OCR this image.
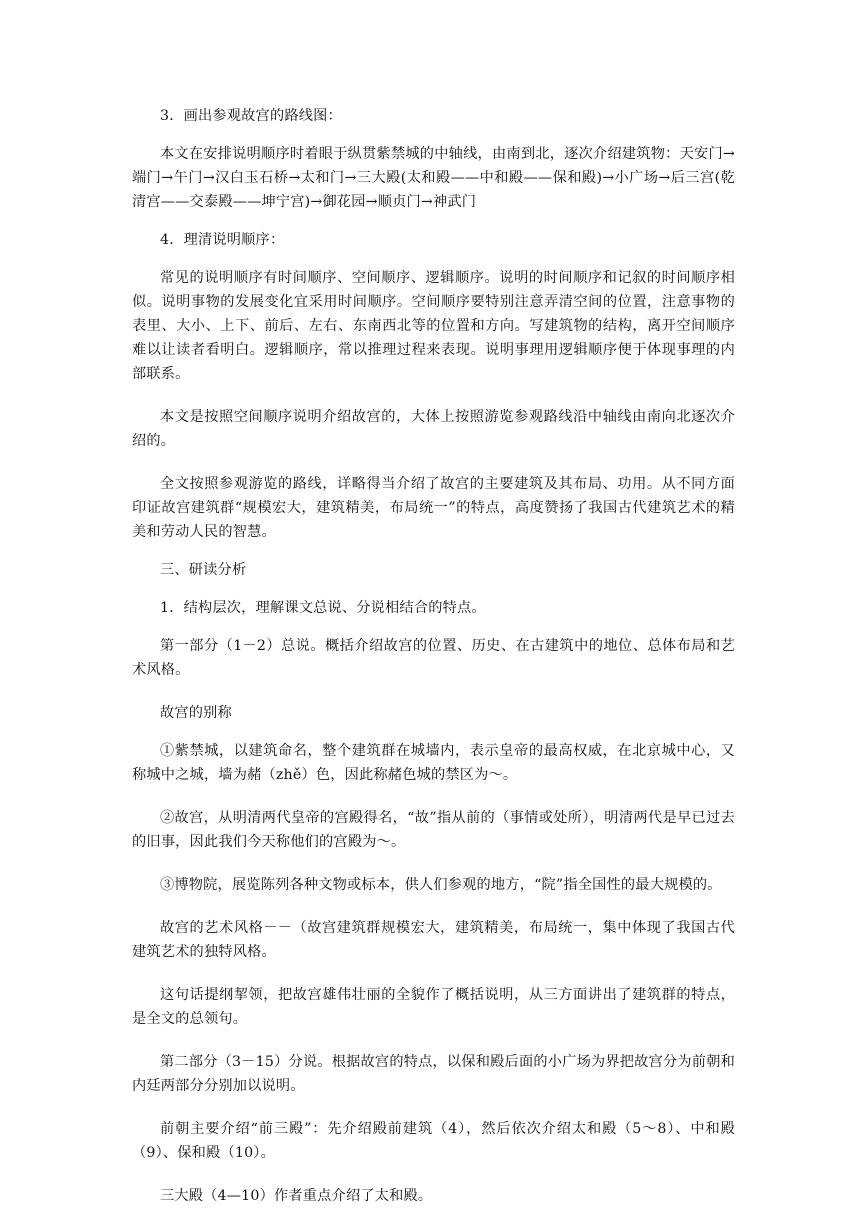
3．画出参观故宫的路线图：

本文在安排说明顺序时着眼于纵贯紫禁城的中轴线，由南到北，逐次介绍建筑物：天安门→端门→午门→汉白玉石桥→太和门→三大殿(太和殿——中和殿——保和殿)→小广场→后三宫(乾清宫——交泰殿——坤宁宫)→御花园→顺贞门→神武门

4．理清说明顺序：

常见的说明顺序有时间顺序、空间顺序、逻辑顺序。说明的时间顺序和记叙的时间顺序相似。说明事物的发展变化宜采用时间顺序。空间顺序要特别注意弄清空间的位置，注意事物的表里、大小、上下、前后、左右、东南西北等的位置和方向。写建筑物的结构，离开空间顺序难以让读者看明白。逻辑顺序，常以推理过程来表现。说明事理用逻辑顺序便于体现事理的内部联系。

本文是按照空间顺序说明介绍故宫的，大体上按照游览参观路线沿中轴线由南向北逐次介绍的。

全文按照参观游览的路线，详略得当介绍了故宫的主要建筑及其布局、功用。从不同方面印证故宫建筑群“规模宏大，建筑精美，布局统一”的特点，高度赞扬了我国古代建筑艺术的精美和劳动人民的智慧。

三、研读分析

1．结构层次，理解课文总说、分说相结合的特点。

第一部分（1－2）总说。概括介绍故宫的位置、历史、在古建筑中的地位、总体布局和艺术风格。

故宫的别称

①紫禁城，以建筑命名，整个建筑群在城墙内，表示皇帝的最高权威，在北京城中心，又称城中之城，墙为赭（zhě）色，因此称赭色城的禁区为～。

②故宫，从明清两代皇帝的宫殿得名，“故”指从前的（事情或处所），明清两代是早已过去的旧事，因此我们今天称他们的宫殿为～。

③博物院，展览陈列各种文物或标本，供人们参观的地方，“院”指全国性的最大规模的。

故宫的艺术风格－－（故宫建筑群规模宏大，建筑精美，布局统一，集中体现了我国古代建筑艺术的独特风格。

这句话提纲挈领，把故宫雄伟壮丽的全貌作了概括说明，从三方面讲出了建筑群的特点，是全文的总领句。

第二部分（3－15）分说。根据故宫的特点，以保和殿后面的小广场为界把故宫分为前朝和内廷两部分分别加以说明。

前朝主要介绍“前三殿”：先介绍殿前建筑（4），然后依次介绍太和殿（5～8）、中和殿（9）、保和殿（10）。

三大殿（4—10）作者重点介绍了太和殿。
